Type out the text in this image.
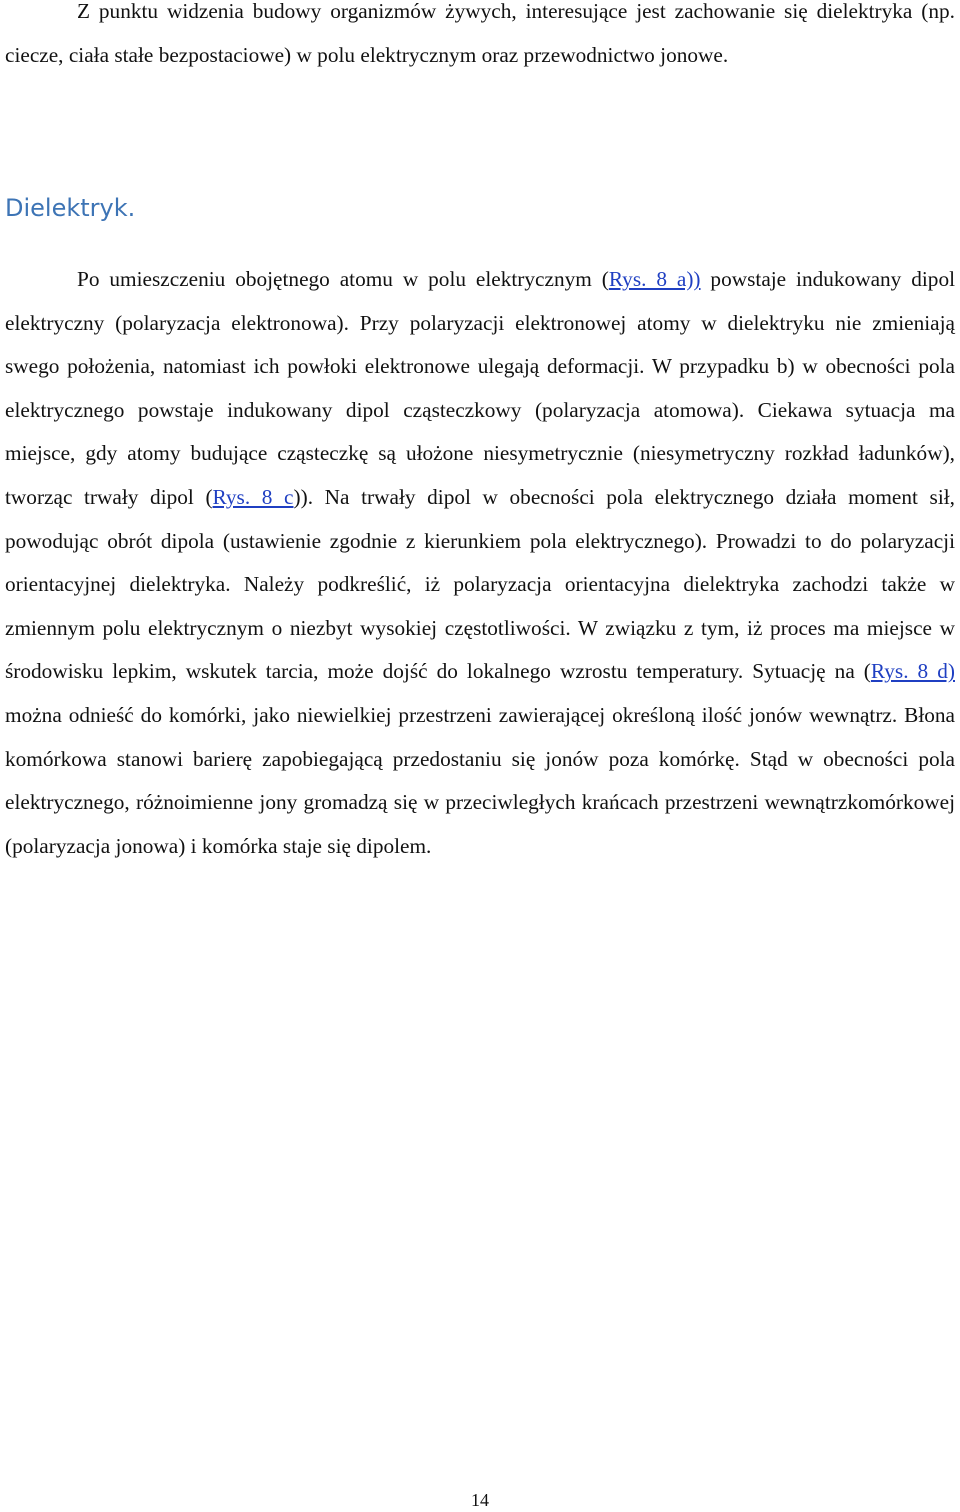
Z punktu widzenia budowy organizmów żywych, interesujące jest zachowanie się dielektryka (np. ciecze, ciała stałe bezpostaciowe) w polu elektrycznym oraz przewodnictwo jonowe.

Dielektryk.

Po umieszczeniu obojętnego atomu w polu elektrycznym (Rys. 8 a)) powstaje indukowany dipol elektryczny (polaryzacja elektronowa). Przy polaryzacji elektronowej atomy w dielektryku nie zmieniają swego położenia, natomiast ich powłoki elektronowe ulegają deformacji. W przypadku b) w obecności pola elektrycznego powstaje indukowany dipol cząsteczkowy (polaryzacja atomowa). Ciekawa sytuacja ma miejsce, gdy atomy budujące cząsteczkę są ułożone niesymetrycznie (niesymetryczny rozkład ładunków), tworząc trwały dipol (Rys. 8 c)). Na trwały dipol w obecności pola elektrycznego działa moment sił, powodując obrót dipola (ustawienie zgodnie z kierunkiem pola elektrycznego). Prowadzi to do polaryzacji orientacyjnej dielektryka. Należy podkreślić, iż polaryzacja orientacyjna dielektryka zachodzi także w zmiennym polu elektrycznym o niezbyt wysokiej częstotliwości. W związku z tym, iż proces ma miejsce w środowisku lepkim, wskutek tarcia, może dojść do lokalnego wzrostu temperatury. Sytuację na (Rys. 8 d) można odnieść do komórki, jako niewielkiej przestrzeni zawierającej określoną ilość jonów wewnątrz. Błona komórkowa stanowi barierę zapobiegającą przedostaniu się jonów poza komórkę. Stąd w obecności pola elektrycznego, różnoimienne jony gromadzą się w przeciwległych krańcach przestrzeni wewnątrzkomórkowej (polaryzacja jonowa) i komórka staje się dipolem.

14
